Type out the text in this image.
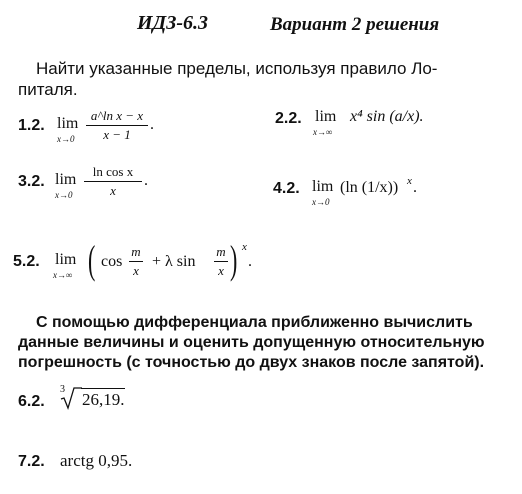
ИДЗ-6.3	Вариант 2 решения
Найти указанные пределы, используя правило Ло-
питаля.
1.2. lim
$x\to 0 \frac{\text{a\textasciicircum{}ln x − x}}{x - 1}$ .	2.2. lim
x→∞
x⁴ sin (a/x).
3.2. lim
$x\to 0 \frac{\text{ln cos x}}{x}$ .	4.2. lim
x→0
(ln (1/x)) x .
5.2. lim
x→∞ ( $\cos \frac{m}{x} + \lambda$ $\sin \frac{m}{x}$ ) x
.
С помощью дифференциала приближенно вычислить
данные величины и оценить допущенную относительную
погрешность (с точностью до двух знаков после запятой).
6.2.
3
26,19.
7.2. arctg 0,95.
